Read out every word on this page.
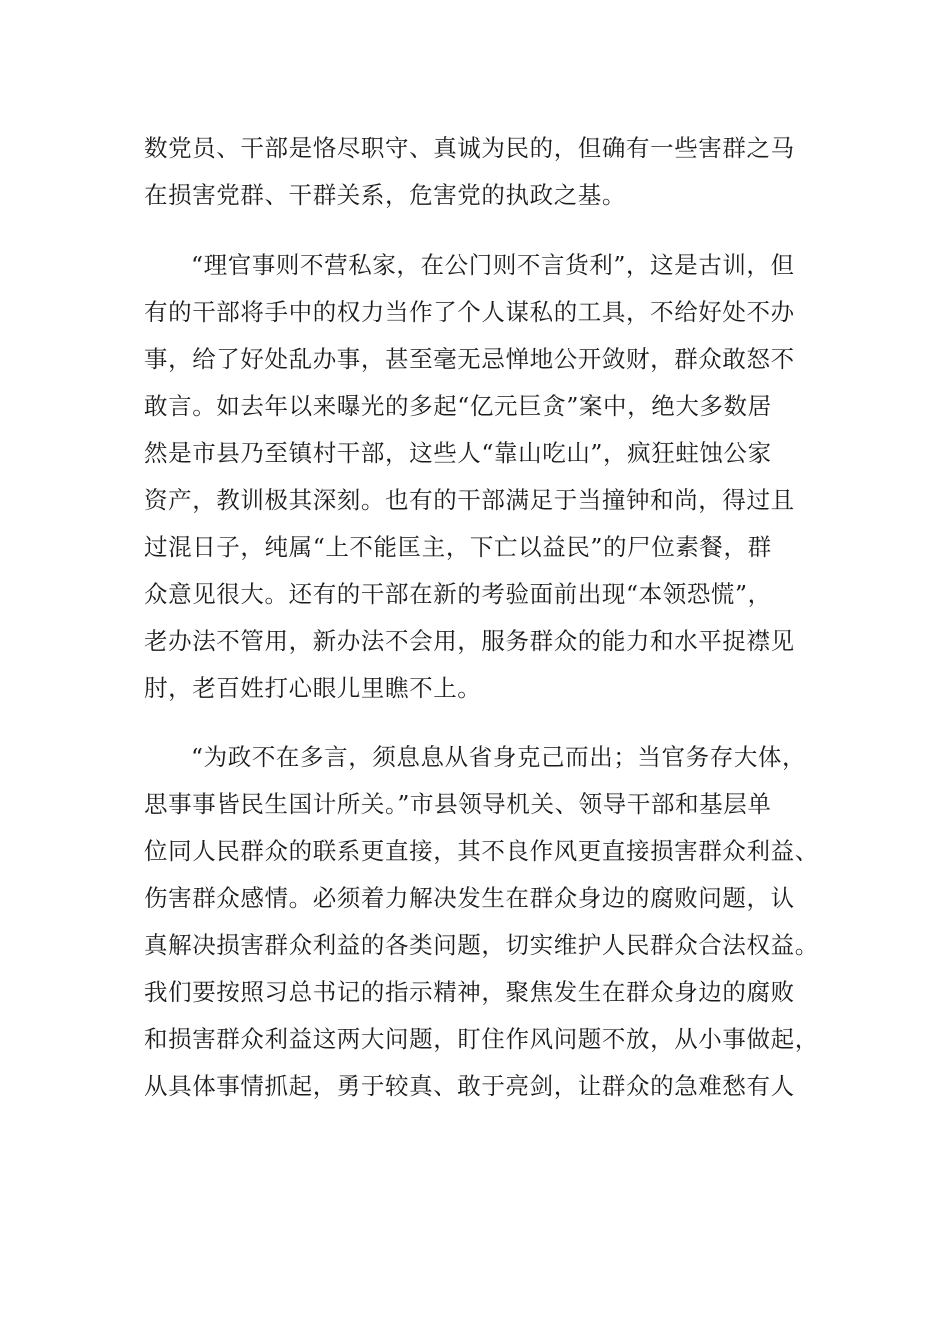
数党员、干部是恪尽职守、真诚为民的，但确有一些害群之马
在损害党群、干群关系，危害党的执政之基。
“理官事则不营私家，在公门则不言货利”，这是古训，但
有的干部将手中的权力当作了个人谋私的工具，不给好处不办
事，给了好处乱办事，甚至毫无忌惮地公开敛财，群众敢怒不
敢言。如去年以来曝光的多起“亿元巨贪”案中，绝大多数居
然是市县乃至镇村干部，这些人“靠山吃山”，疯狂蛀蚀公家
资产，教训极其深刻。也有的干部满足于当撞钟和尚，得过且
过混日子，纯属“上不能匡主，下亡以益民”的尸位素餐，群
众意见很大。还有的干部在新的考验面前出现“本领恐慌”，
老办法不管用，新办法不会用，服务群众的能力和水平捉襟见
肘，老百姓打心眼儿里瞧不上。
“为政不在多言，须息息从省身克己而出；当官务存大体，
思事事皆民生国计所关。”市县领导机关、领导干部和基层单
位同人民群众的联系更直接，其不良作风更直接损害群众利益、
伤害群众感情。必须着力解决发生在群众身边的腐败问题，认
真解决损害群众利益的各类问题，切实维护人民群众合法权益。
我们要按照习总书记的指示精神，聚焦发生在群众身边的腐败
和损害群众利益这两大问题，盯住作风问题不放，从小事做起，
从具体事情抓起，勇于较真、敢于亮剑，让群众的急难愁有人
